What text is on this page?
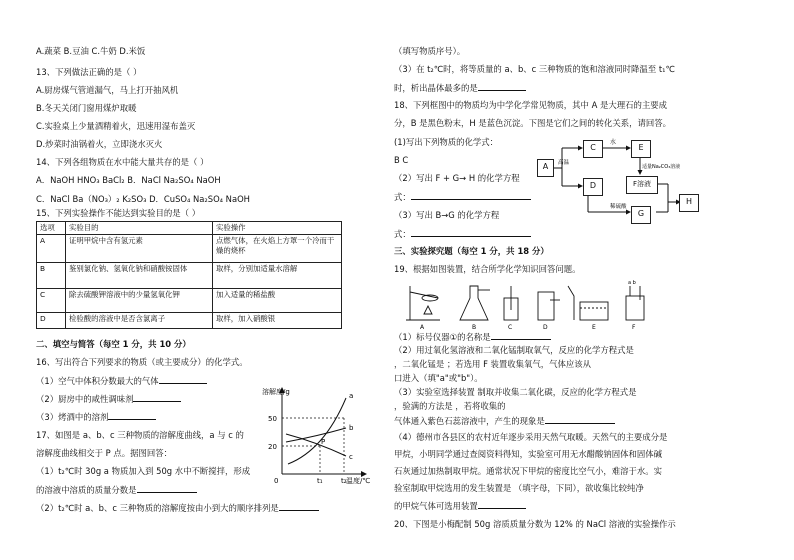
A.蔬菜 B.豆油 C.牛奶 D.米饭
13、下列做法正确的是（ ）
A.厨房煤气管道漏气，马上打开抽风机
B.冬天关闭门窗用煤炉取暖
C.实验桌上少量酒精着火，迅速用湿布盖灭
D.炒菜时油锅着火，立即浇水灭火
14、下列各组物质在水中能大量共存的是（ ）
A．NaOH HNO₃ BaCl₂ B．NaCl Na₂SO₄ NaOH
C．NaCl Ba（NO₃）₂ K₂SO₃ D．CuSO₄ Na₂SO₄ NaOH
15、下列实验操作不能达到实验目的是（ ）
选项	实验目的	实验操作
A	证明甲烷中含有氢元素	点燃气体，在火焰上方罩一个冷而干燥的烧杯
B	鉴别氯化钠、氢氧化钠和硝酸铵固体	取样，分别加适量水溶解
C	除去硫酸钾溶液中的少量氢氧化钾	加入适量的稀盐酸
D	检验酸的溶液中是否含氯离子	取样，加入硝酸银
二、填空与简答（每空 1 分，共 10 分）
16、写出符合下列要求的物质（或主要成分）的化学式。
（1）空气中体积分数最大的气体
（2）厨房中的咸性调味剂
（3）烤酒中的溶剂
17、如图是 a、b、c 三种物质的溶解度曲线，a 与 c 的
溶解度曲线相交于 P 点。据图回答：
（1）t₂℃时 30g a 物质加入到 50g 水中不断搅拌，形成
的溶液中溶质的质量分数是
（2）t₂℃时 a、b、c 三种物质的溶解度按由小到大的顺序排列是
溶解度/g
50
20
0	t₁	t₂ 温度/℃
a
b
c
P
（填写物质序号）。
（3）在 t₂℃时，将等质量的 a、b、c 三种物质的饱和溶液同时降温至 t₁℃
时，析出晶体最多的是
18、下列框图中的物质均为中学化学常见物质，其中 A 是大理石的主要成
分，B 是黑色粉末，H 是蓝色沉淀。下图是它们之间的转化关系，请回答。
(1)写出下列物质的化学式：
B C
（2）写出 F + G→ H 的化学方程
式：
（3）写出 B→G 的化学方程
式：
高温
水
适量Na₂CO₃溶液
稀硫酸
A
C
D
E
F溶液
G
H
三、实验探究题（每空 1 分，共 18 分）
19、根据如图装置，结合所学化学知识回答问题。
A	B	C	D	E	F
a b
（1）标号仪器①的名称是
（2）用过氧化氢溶液和二氧化锰制取氧气，反应的化学方程式是
，二氧化锰是 ；若选用 F 装置收集氧气，气体应该从
口进入（填"a"或"b"）。
（3）实验室选择装置 制取并收集二氧化碳，反应的化学方程式是
，验满的方法是 ，若将收集的
气体通入紫色石蕊溶液中，产生的现象是
（4）德州市各县区的农村近年逐步采用天然气取暖。天然气的主要成分是
甲烷，小明同学通过查阅资料得知，实验室可用无水醋酸钠固体和固体碱
石灰通过加热制取甲烷。通常状况下甲烷的密度比空气小，难溶于水。实
验室制取甲烷选用的发生装置是 （填字母，下同），欲收集比较纯净
的甲烷气体可选用装置
20、下图是小梅配制 50g 溶质质量分数为 12% 的 NaCl 溶液的实验操作示
